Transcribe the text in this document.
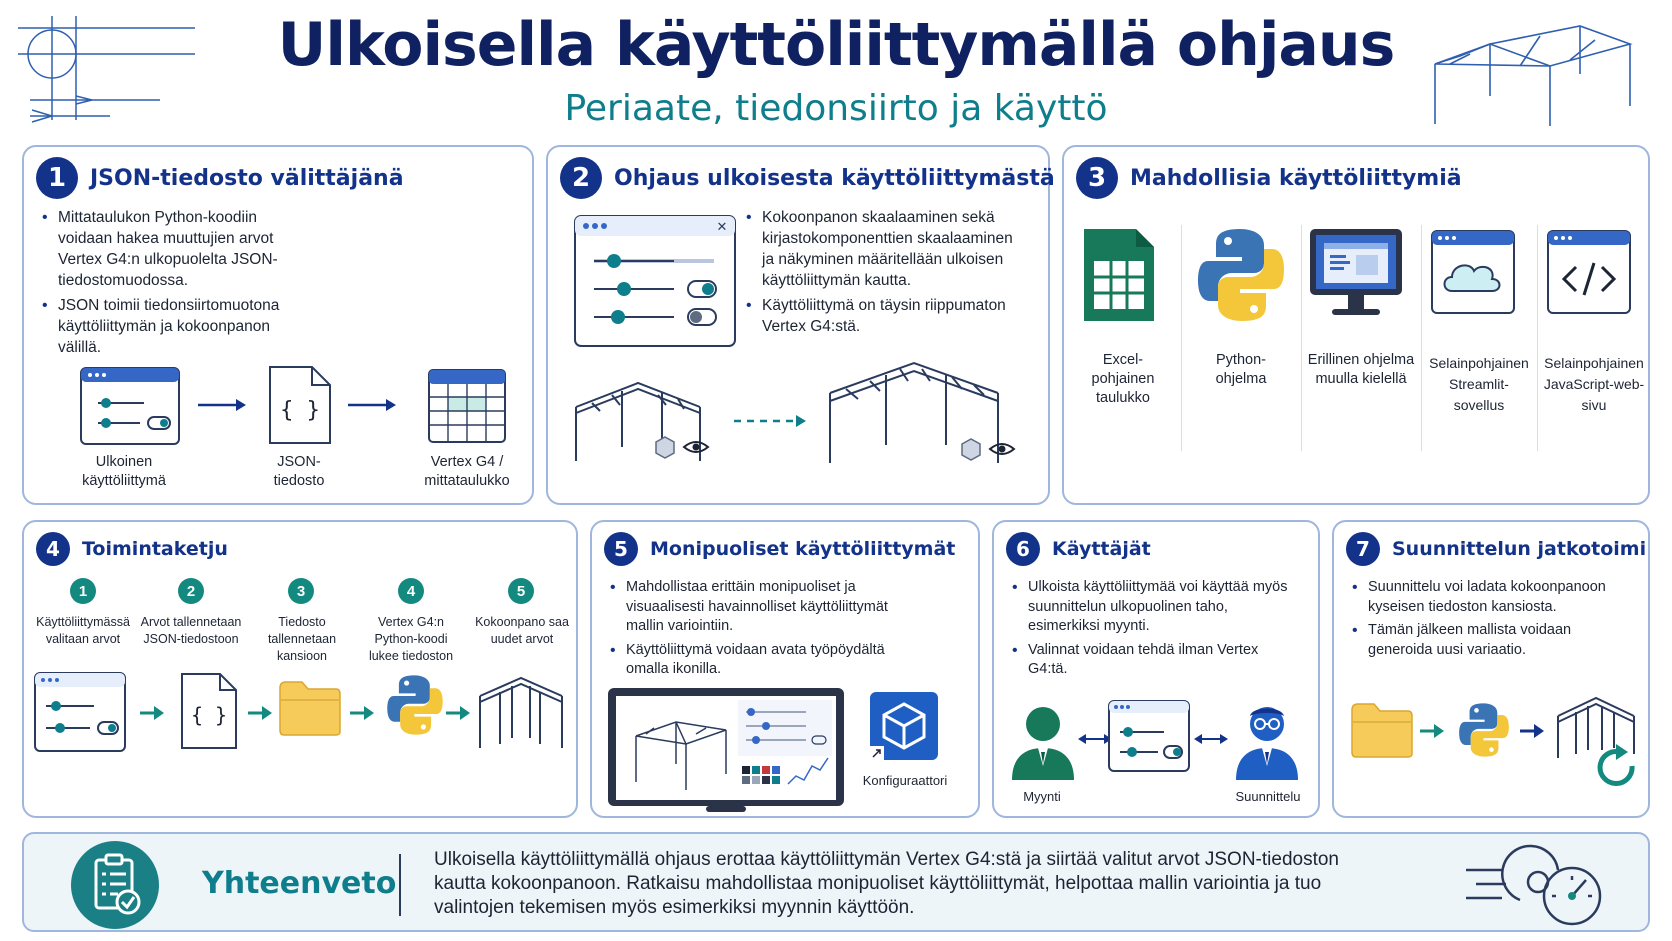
Ulkoisella käyttöliittymällä ohjaus
Periaate, tiedonsiirto ja käyttö
1	JSON-tiedosto välittäjänä
• Mittataulukon Python-koodiin voidaan hakea muuttujien arvot Vertex G4:n ulkopuolelta JSON-tiedostomuodossa.
• JSON toimii tiedonsiirtomuotona käyttöliittymän ja kokoonpanon välillä.
{ }
Ulkoinen käyttöliittymä
JSON-tiedosto
Vertex G4 / mittataulukko
2	Ohjaus ulkoisesta käyttöliittymästä
✕
• Kokoonpanon skaalaaminen sekä kirjastokomponenttien skaalaaminen ja näkyminen määritellään ulkoisen käyttöliittymän kautta.
• Käyttöliittymä on täysin riippumaton Vertex G4:stä.
3	Mahdollisia käyttöliittymiä
Excel-pohjainen taulukko
Python-ohjelma
Erillinen ohjelma muulla kielellä
Selainpohjainen Streamlit-sovellus
Selainpohjainen JavaScript-web-sivu
4	Toimintaketju
1	2	3	4	5
Käyttöliittymässä valitaan arvot
Arvot tallennetaan JSON-tiedostoon
Tiedosto tallennetaan kansioon
Vertex G4:n Python-koodi lukee tiedoston
Kokoonpano saa uudet arvot
{ }
5	Monipuoliset käyttöliittymät
• Mahdollistaa erittäin monipuoliset ja visuaalisesti havainnolliset käyttöliittymät mallin variointiin.
• Käyttöliittymä voidaan avata työpöydältä omalla ikonilla.
Konfiguraattori
6	Käyttäjät
• Ulkoista käyttöliittymää voi käyttää myös suunnittelun ulkopuolinen taho, esimerkiksi myynti.
• Valinnat voidaan tehdä ilman Vertex G4:tä.
Myynti	Suunnittelu
7	Suunnittelun jatkotoimi
• Suunnittelu voi ladata kokoonpanoon kyseisen tiedoston kansiosta.
• Tämän jälkeen mallista voidaan generoida uusi variaatio.
Yhteenveto
Ulkoisella käyttöliittymällä ohjaus erottaa käyttöliittymän Vertex G4:stä ja siirtää valitut arvot JSON-tiedoston kautta kokoonpanoon. Ratkaisu mahdollistaa monipuoliset käyttöliittymät, helpottaa mallin variointia ja tuo valintojen tekemisen myös esimerkiksi myynnin käyttöön.
